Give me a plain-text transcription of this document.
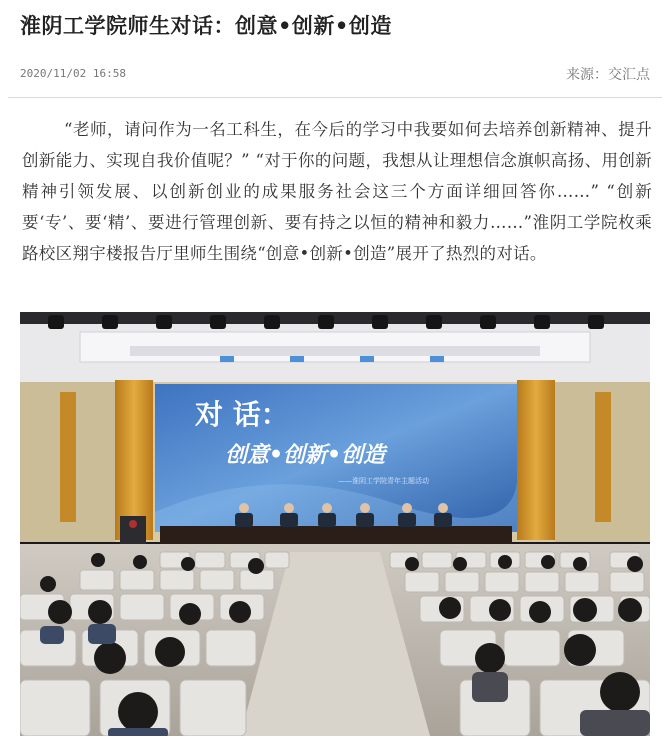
淮阴工学院师生对话：创意•创新•创造
2020/11/02 16:58	来源：交汇点

“老师，请问作为一名工科生，在今后的学习中我要如何去培养创新精神、提升创新能力、实现自我价值呢？” “对于你的问题，我想从让理想信念旗帜高扬、用创新精神引领发展、以创新创业的成果服务社会这三个方面详细回答你……” “创新要‘专’、要‘精’、要进行管理创新、要有持之以恒的精神和毅力……”淮阴工学院枚乘路校区翔宇楼报告厅里师生围绕“创意•创新•创造”展开了热烈的对话。

对 话：
创意•创新•创造
——淮阴工学院青年主题活动
